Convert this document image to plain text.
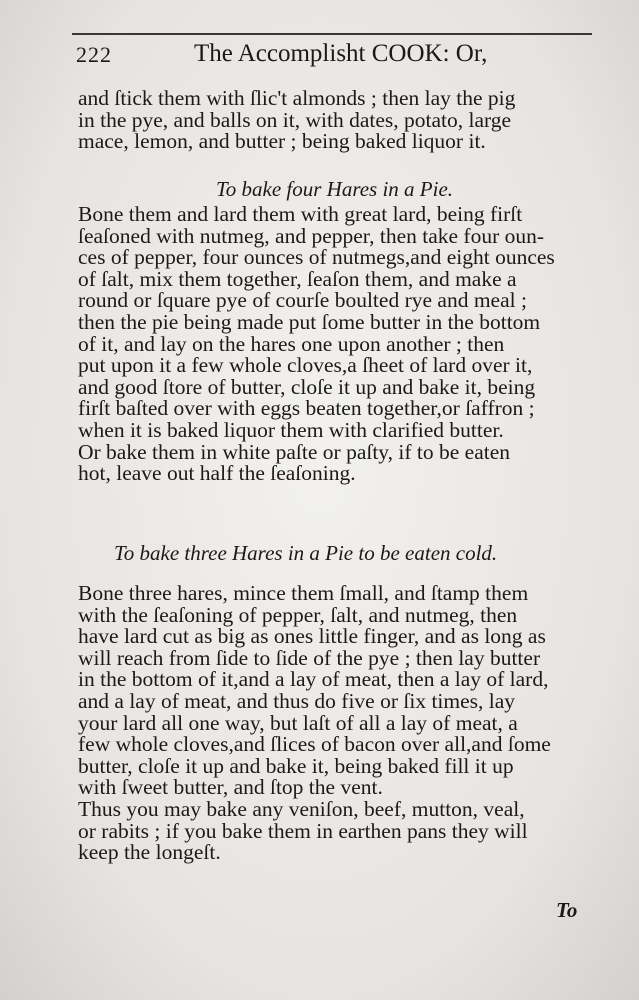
222	The Accomplisht COOK: Or,
and ſtick them with ſlic't almonds ; then lay the pig
in the pye, and balls on it, with dates, potato, large
mace, lemon, and butter ; being baked liquor it.
To bake four Hares in a Pie.
Bone them and lard them with great lard, being firſt
ſeaſoned with nutmeg, and pepper, then take four oun-
ces of pepper, four ounces of nutmegs,and eight ounces
of ſalt, mix them together, ſeaſon them, and make a
round or ſquare pye of courſe boulted rye and meal ;
then the pie being made put ſome butter in the bottom
of it, and lay on the hares one upon another ; then
put upon it a few whole cloves,a ſheet of lard over it,
and good ſtore of butter, cloſe it up and bake it, being
firſt baſted over with eggs beaten together,or ſaffron ;
when it is baked liquor them with clarified butter.
Or bake them in white paſte or paſty, if to be eaten
hot, leave out half the ſeaſoning.
To bake three Hares in a Pie to be eaten cold.
Bone three hares, mince them ſmall, and ſtamp them
with the ſeaſoning of pepper, ſalt, and nutmeg, then
have lard cut as big as ones little finger, and as long as
will reach from ſide to ſide of the pye ; then lay butter
in the bottom of it,and a lay of meat, then a lay of lard,
and a lay of meat, and thus do five or ſix times, lay
your lard all one way, but laſt of all a lay of meat, a
few whole cloves,and ſlices of bacon over all,and ſome
butter, cloſe it up and bake it, being baked fill it up
with ſweet butter, and ſtop the vent.
Thus you may bake any veniſon, beef, mutton, veal,
or rabits ; if you bake them in earthen pans they will
keep the longeſt.
To
